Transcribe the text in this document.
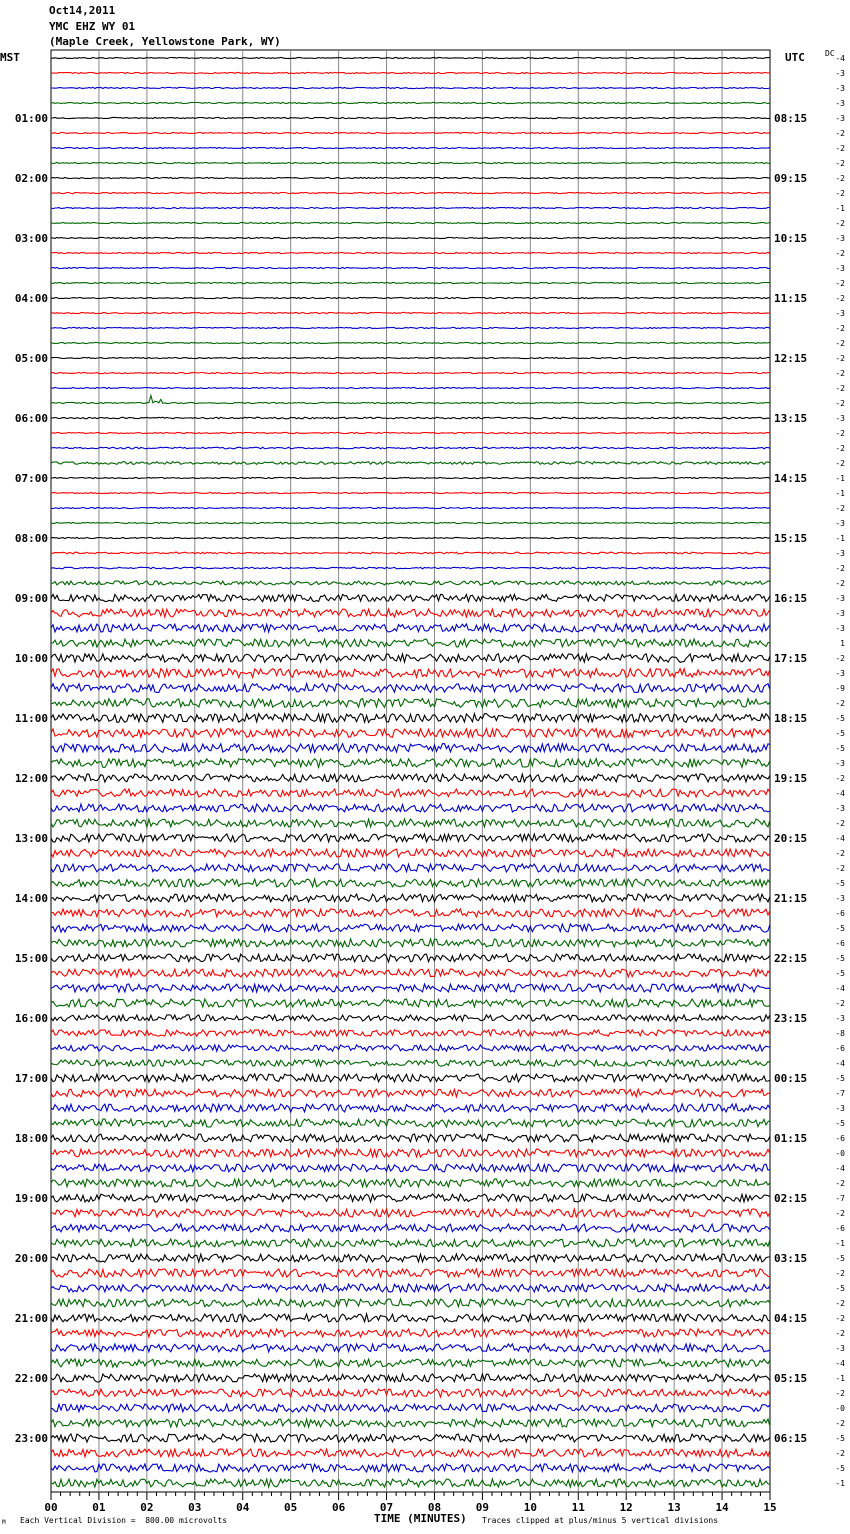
Oct14,2011
YMC EHZ WY 01
(Maple Creek, Yellowstone Park, WY)
00	01	02	03	04	05	06	07	08	09	10	11	12	13	14	15
01:00
02:00
03:00
04:00
05:00
06:00
07:00
08:00
09:00
10:00
11:00
12:00
13:00
14:00
15:00
16:00
17:00
18:00
19:00
20:00
21:00
22:00
23:00
08:15
09:15
10:15
11:15
12:15
13:15
14:15
15:15
16:15
17:15
18:15
19:15
20:15
21:15
22:15
23:15
00:15
01:15
02:15
03:15
04:15
05:15
06:15
-4
-3
-3
-3
-3
-2
-2
-2
-2
-2
-1
-2
-3
-2
-3
-2
-2
-3
-2
-2
-2
-2
-2
-2
-3
-2
-2
-2
-1
-1
-2
-3
-1
-3
-2
-2
-3
-3
-3
1
-2
-3
-9
-2
-5
-5
-5
-3
-2
-4
-3
-2
-4
-2
-2
-5
-3
-6
-5
-6
-5
-5
-4
-2
-3
-8
-6
-4
-5
-7
-3
-5
-6
-0
-4
-2
-7
-2
-6
-1
-5
-2
-5
-2
-2
-2
-3
-4
-1
-2
-0
-2
-5
-2
-5
-1
MST	UTC	DC
TIME (MINUTES)
M Each Vertical Division =  800.00 microvolts	Traces clipped at plus/minus 5 vertical divisions
